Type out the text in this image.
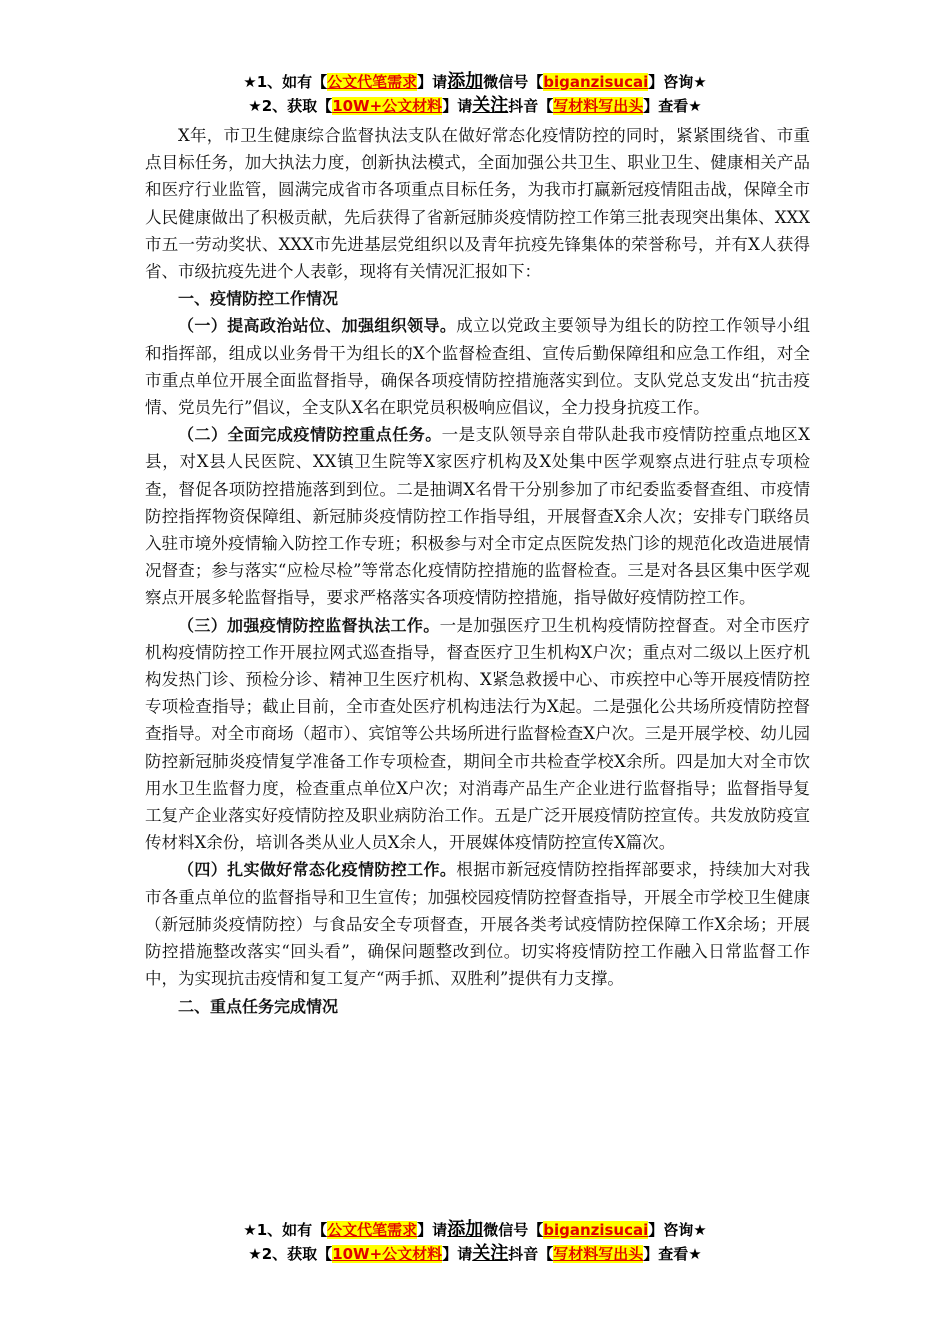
★1、如有【公文代笔需求】请添加微信号【biganzisucai】咨询★
★2、获取【10W+公文材料】请关注抖音【写材料写出头】查看★

X年，市卫生健康综合监督执法支队在做好常态化疫情防控的同时，紧紧围绕省、市重点目标任务，加大执法力度，创新执法模式，全面加强公共卫生、职业卫生、健康相关产品和医疗行业监管，圆满完成省市各项重点目标任务，为我市打赢新冠疫情阻击战，保障全市人民健康做出了积极贡献，先后获得了省新冠肺炎疫情防控工作第三批表现突出集体、XXX市五一劳动奖状、XXX市先进基层党组织以及青年抗疫先锋集体的荣誉称号，并有X人获得省、市级抗疫先进个人表彰，现将有关情况汇报如下：

一、疫情防控工作情况

（一）提高政治站位、加强组织领导。成立以党政主要领导为组长的防控工作领导小组和指挥部，组成以业务骨干为组长的X个监督检查组、宣传后勤保障组和应急工作组，对全市重点单位开展全面监督指导，确保各项疫情防控措施落实到位。支队党总支发出“抗击疫情、党员先行”倡议，全支队X名在职党员积极响应倡议，全力投身抗疫工作。

（二）全面完成疫情防控重点任务。一是支队领导亲自带队赴我市疫情防控重点地区X县，对X县人民医院、XX镇卫生院等X家医疗机构及X处集中医学观察点进行驻点专项检查，督促各项防控措施落到到位。二是抽调X名骨干分别参加了市纪委监委督查组、市疫情防控指挥物资保障组、新冠肺炎疫情防控工作指导组，开展督查X余人次；安排专门联络员入驻市境外疫情输入防控工作专班；积极参与对全市定点医院发热门诊的规范化改造进展情况督查；参与落实“应检尽检”等常态化疫情防控措施的监督检查。三是对各县区集中医学观察点开展多轮监督指导，要求严格落实各项疫情防控措施，指导做好疫情防控工作。

（三）加强疫情防控监督执法工作。一是加强医疗卫生机构疫情防控督查。对全市医疗机构疫情防控工作开展拉网式巡查指导，督查医疗卫生机构X户次；重点对二级以上医疗机构发热门诊、预检分诊、精神卫生医疗机构、X紧急救援中心、市疾控中心等开展疫情防控专项检查指导；截止目前，全市查处医疗机构违法行为X起。二是强化公共场所疫情防控督查指导。对全市商场（超市）、宾馆等公共场所进行监督检查X户次。三是开展学校、幼儿园防控新冠肺炎疫情复学准备工作专项检查，期间全市共检查学校X余所。四是加大对全市饮用水卫生监督力度，检查重点单位X户次；对消毒产品生产企业进行监督指导；监督指导复工复产企业落实好疫情防控及职业病防治工作。五是广泛开展疫情防控宣传。共发放防疫宣传材料X余份，培训各类从业人员X余人，开展媒体疫情防控宣传X篇次。

（四）扎实做好常态化疫情防控工作。根据市新冠疫情防控指挥部要求，持续加大对我市各重点单位的监督指导和卫生宣传；加强校园疫情防控督查指导，开展全市学校卫生健康（新冠肺炎疫情防控）与食品安全专项督查，开展各类考试疫情防控保障工作X余场；开展防控措施整改落实“回头看”，确保问题整改到位。切实将疫情防控工作融入日常监督工作中，为实现抗击疫情和复工复产“两手抓、双胜利”提供有力支撑。

二、重点任务完成情况

★1、如有【公文代笔需求】请添加微信号【biganzisucai】咨询★
★2、获取【10W+公文材料】请关注抖音【写材料写出头】查看★
